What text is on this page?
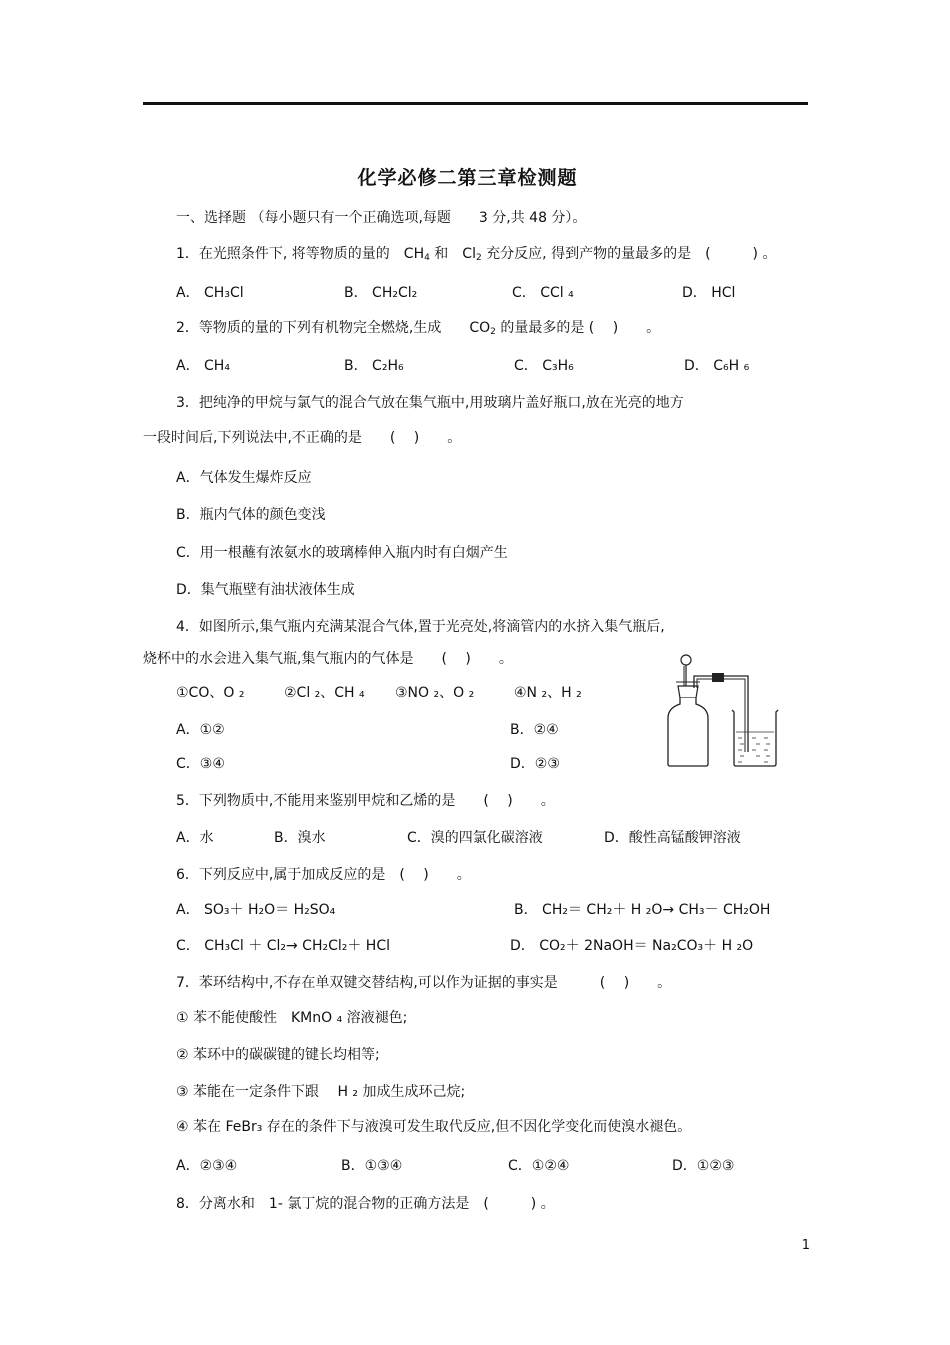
化学必修二第三章检测题
一、选择题 （每小题只有一个正确选项,每题　　3 分,共 48 分）。
1．在光照条件下, 将等物质的量的　$CH_4$ 和　$Cl_2$ 充分反应, 得到产物的量最多的是　(　　　) 。
A． CH₃Cl	B． CH₂Cl₂	C． CCl ₄	D． HCl
2．等物质的量的下列有机物完全燃烧,生成　　$CO_2$ 的量最多的是 (　 )　　。
A． CH₄	B． C₂H₆	C． C₃H₆	D． C₆H ₆
3．把纯净的甲烷与氯气的混合气放在集气瓶中,用玻璃片盖好瓶口,放在光亮的地方
一段时间后,下列说法中,不正确的是　　(　 )　　。
A．气体发生爆炸反应
B．瓶内气体的颜色变浅
C．用一根蘸有浓氨水的玻璃棒伸入瓶内时有白烟产生
D．集气瓶壁有油状液体生成
4．如图所示,集气瓶内充满某混合气体,置于光亮处,将滴管内的水挤入集气瓶后,
烧杯中的水会进入集气瓶,集气瓶内的气体是　　(　 )　　。
①CO、O ₂	②Cl ₂、CH ₄ ③NO ₂、O ₂	④N ₂、H ₂
A．①②	B．②④
C．③④	D．②③
5．下列物质中,不能用来鉴别甲烷和乙烯的是　　(　 )　　。
A．水	B．溴水	C．溴的四氯化碳溶液	D．酸性高锰酸钾溶液
6．下列反应中,属于加成反应的是　(　 )　　。
A． SO₃＋ H₂O＝ H₂SO₄	B． CH₂＝ CH₂＋ H ₂O→ CH₃－ CH₂OH
C． CH₃Cl ＋ Cl₂→ CH₂Cl₂＋ HCl	D． CO₂＋ 2NaOH＝ Na₂CO₃＋ H ₂O
7．苯环结构中,不存在单双键交替结构,可以作为证据的事实是　　　(　 )　　。
① 苯不能使酸性　KMnO ₄ 溶液褪色;
② 苯环中的碳碳键的键长均相等;
③ 苯能在一定条件下跟　 H ₂ 加成生成环己烷;
④ 苯在 FeBr₃ 存在的条件下与液溴可发生取代反应,但不因化学变化而使溴水褪色。
A．②③④	B．①③④	C．①②④	D．①②③
8．分离水和　1- 氯丁烷的混合物的正确方法是　(　　　) 。
1
